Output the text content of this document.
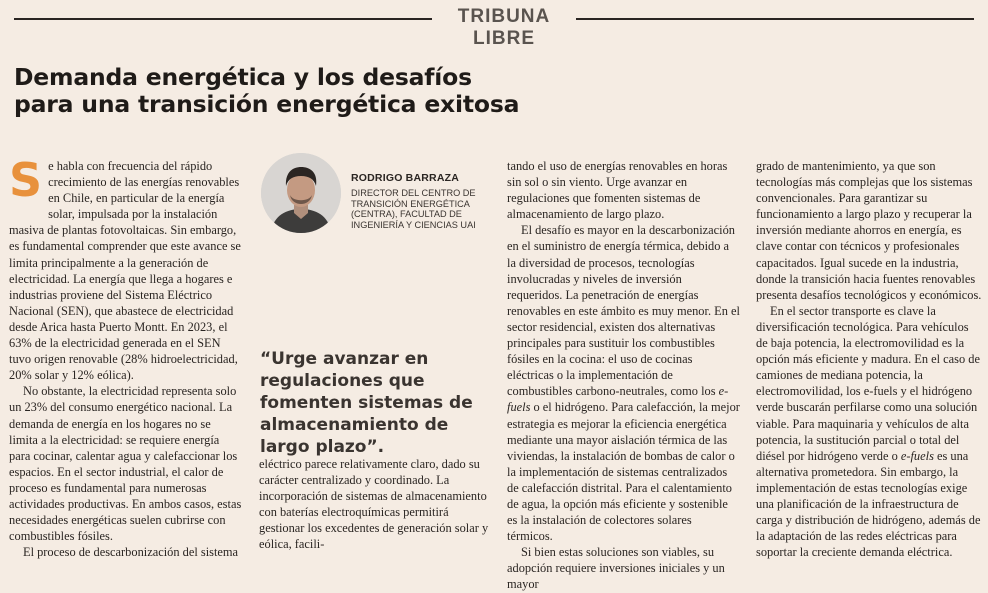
TRIBUNA LIBRE
Demanda energética y los desafíos
para una transición energética exitosa

Se habla con frecuencia del rápido crecimiento de las energías renovables en Chile, en particular de la energía solar, impulsada por la instalación masiva de plantas fotovoltaicas. Sin embargo, es fundamental comprender que este avance se limita principalmente a la generación de electricidad. La energía que llega a hogares e industrias proviene del Sistema Eléctrico Nacional (SEN), que abastece de electricidad desde Arica hasta Puerto Montt. En 2023, el 63% de la electricidad generada en el SEN tuvo origen renovable (28% hidroelectricidad, 20% solar y 12% eólica).

No obstante, la electricidad representa solo un 23% del consumo energético nacional. La demanda de energía en los hogares no se limita a la electricidad: se requiere energía para cocinar, calentar agua y calefaccionar los espacios. En el sector industrial, el calor de proceso es fundamental para numerosas actividades productivas. En ambos casos, estas necesidades energéticas suelen cubrirse con combustibles fósiles.

El proceso de descarbonización del sistema

RODRIGO BARRAZA
DIRECTOR DEL CENTRO DE TRANSICIÓN ENERGÉTICA (CENTRA), FACULTAD DE INGENIERÍA Y CIENCIAS UAI
“Urge avanzar en regulaciones que fomenten sistemas de almacenamiento de largo plazo”.

eléctrico parece relativamente claro, dado su carácter centralizado y coordinado. La incorporación de sistemas de almacenamiento con baterías electroquímicas permitirá gestionar los excedentes de generación solar y eólica, facili-

tando el uso de energías renovables en horas sin sol o sin viento. Urge avanzar en regulaciones que fomenten sistemas de almacenamiento de largo plazo.

El desafío es mayor en la descarbonización en el suministro de energía térmica, debido a la diversidad de procesos, tecnologías involucradas y niveles de inversión requeridos. La penetración de energías renovables en este ámbito es muy menor. En el sector residencial, existen dos alternativas principales para sustituir los combustibles fósiles en la cocina: el uso de cocinas eléctricas o la implementación de combustibles carbono-neutrales, como los e-fuels o el hidrógeno. Para calefacción, la mejor estrategia es mejorar la eficiencia energética mediante una mayor aislación térmica de las viviendas, la instalación de bombas de calor o la implementación de sistemas centralizados de calefacción distrital. Para el calentamiento de agua, la opción más eficiente y sostenible es la instalación de colectores solares térmicos.

Si bien estas soluciones son viables, su adopción requiere inversiones iniciales y un mayor

grado de mantenimiento, ya que son tecnologías más complejas que los sistemas convencionales. Para garantizar su funcionamiento a largo plazo y recuperar la inversión mediante ahorros en energía, es clave contar con técnicos y profesionales capacitados. Igual sucede en la industria, donde la transición hacia fuentes renovables presenta desafíos tecnológicos y económicos.

En el sector transporte es clave la diversificación tecnológica. Para vehículos de baja potencia, la electromovilidad es la opción más eficiente y madura. En el caso de camiones de mediana potencia, la electromovilidad, los e-fuels y el hidrógeno verde buscarán perfilarse como una solución viable. Para maquinaria y vehículos de alta potencia, la sustitución parcial o total del diésel por hidrógeno verde o e-fuels es una alternativa prometedora. Sin embargo, la implementación de estas tecnologías exige una planificación de la infraestructura de carga y distribución de hidrógeno, además de la adaptación de las redes eléctricas para soportar la creciente demanda eléctrica.
